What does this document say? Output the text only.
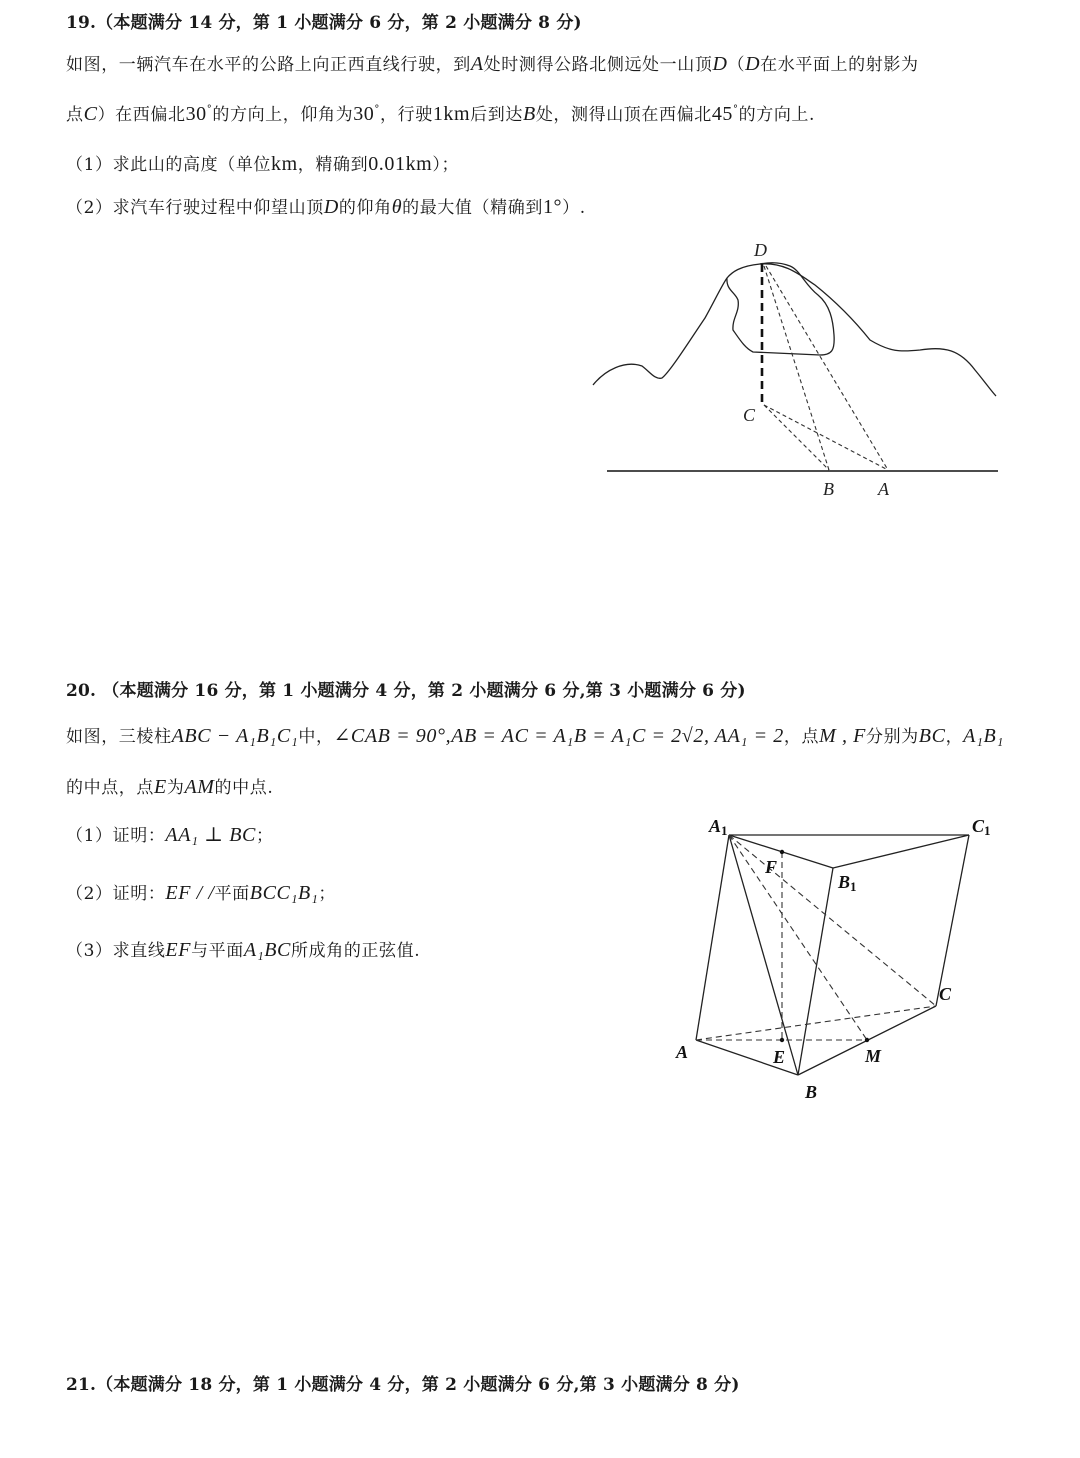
19.（本题满分 14 分，第 1 小题满分 6 分，第 2 小题满分 8 分)
如图，一辆汽车在水平的公路上向正西直线行驶，到A处时测得公路北侧远处一山顶D（D在水平面上的射影为
点C）在西偏北30°的方向上，仰角为30°，行驶1km后到达B处，测得山顶在西偏北45°的方向上.
（1）求此山的高度（单位km，精确到0.01km）；
（2）求汽车行驶过程中仰望山顶D的仰角θ的最大值（精确到1°）.
D
C
B A
20. （本题满分 16 分，第 1 小题满分 4 分，第 2 小题满分 6 分,第 3 小题满分 6 分)
如图，三棱柱ABC − A₁B₁C₁中，∠CAB = 90°,AB = AC = A₁B = A₁C = 2√2, AA₁ = 2，点M , F分别为BC，A₁B₁
的中点，点E为AM的中点.
（1）证明：AA₁ ⊥ BC；
（2）证明：EF / /平面BCC₁B₁；
（3）求直线EF与平面A₁BC所成角的正弦值.
A1	C1
B1
F
C
A	E	M
B
21.（本题满分 18 分，第 1 小题满分 4 分，第 2 小题满分 6 分,第 3 小题满分 8 分)
